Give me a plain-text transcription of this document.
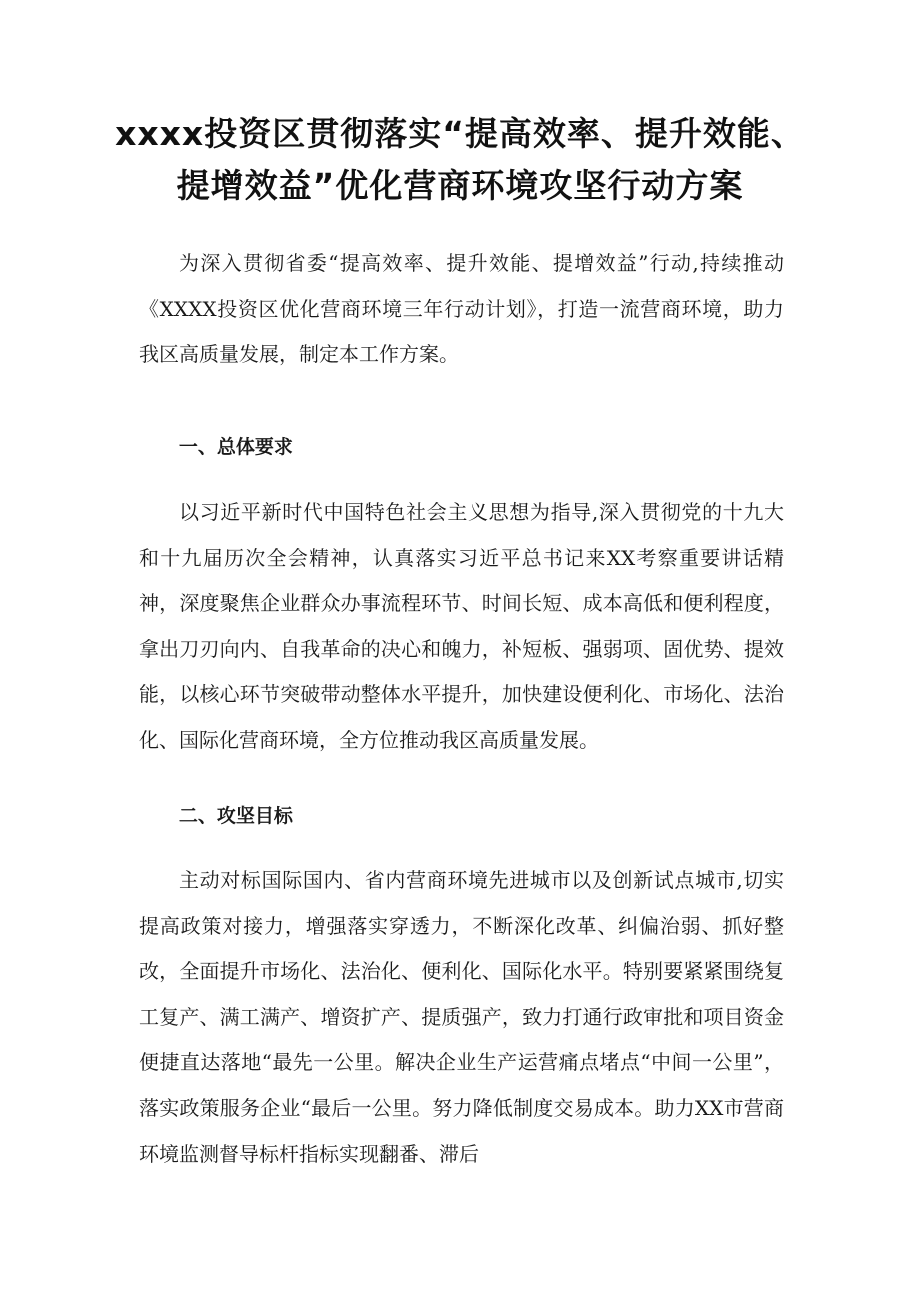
xxxx投资区贯彻落实“提高效率、提升效能、
提增效益”优化营商环境攻坚行动方案

为深入贯彻省委“提高效率、提升效能、提增效益”行动,持续推动《XXXX投资区优化营商环境三年行动计划》，打造一流营商环境，助力我区高质量发展，制定本工作方案。

一、总体要求

以习近平新时代中国特色社会主义思想为指导,深入贯彻党的十九大和十九届历次全会精神，认真落实习近平总书记来XX考察重要讲话精神，深度聚焦企业群众办事流程环节、时间长短、成本高低和便利程度，拿出刀刃向内、自我革命的决心和魄力，补短板、强弱项、固优势、提效能，以核心环节突破带动整体水平提升，加快建设便利化、市场化、法治化、国际化营商环境，全方位推动我区高质量发展。

二、攻坚目标

主动对标国际国内、省内营商环境先进城市以及创新试点城市,切实提高政策对接力，增强落实穿透力，不断深化改革、纠偏治弱、抓好整改，全面提升市场化、法治化、便利化、国际化水平。特别要紧紧围绕复工复产、满工满产、增资扩产、提质强产，致力打通行政审批和项目资金便捷直达落地“最先一公里。解决企业生产运营痛点堵点“中间一公里”，落实政策服务企业“最后一公里。努力降低制度交易成本。助力XX市营商环境监测督导标杆指标实现翻番、滞后
